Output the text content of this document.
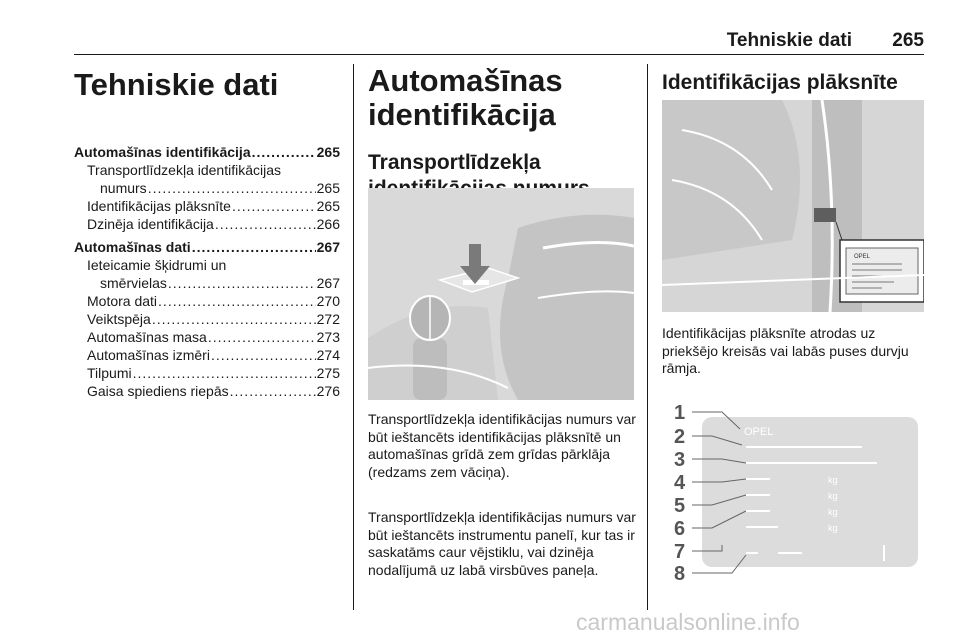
Tehniskie dati 265
Tehniskie dati
Automašīnas identifikācija .....	265
Transportlīdzekļa identifikācijas
numurs .....	265
Identifikācijas plāksnīte .....	265
Dzinēja identifikācija .....	266
Automašīnas dati .....	267
Ieteicamie šķidrumi un
smērvielas .....	267
Motora dati .....	270
Veiktspēja .....	272
Automašīnas masa .....	273
Automašīnas izmēri .....	274
Tilpumi .....	275
Gaisa spiediens riepās .....	276
Automašīnas
identifikācija
Transportlīdzekļa

Transportlīdzekļa identifikācijas numurs var būt ieštancēts identifikācijas plāksnītē un automašīnas grīdā zem grīdas pārklāja (redzams zem vāciņa).
Transportlīdzekļa identifikācijas numurs var būt ieštancēts instrumentu panelī, kur tas ir saskatāms caur vējstiklu, vai dzinēja nodalījumā uz labā virsbūves paneļa.
Identifikācijas plāksnīte
OPEL
Identifikācijas plāksnīte atrodas uz priekšējo kreisās vai labās puses durvju rāmja.
1
2
3
4
5
6
7
8
OPEL
kg
kg
kg
kg
carmanualsonline.info
